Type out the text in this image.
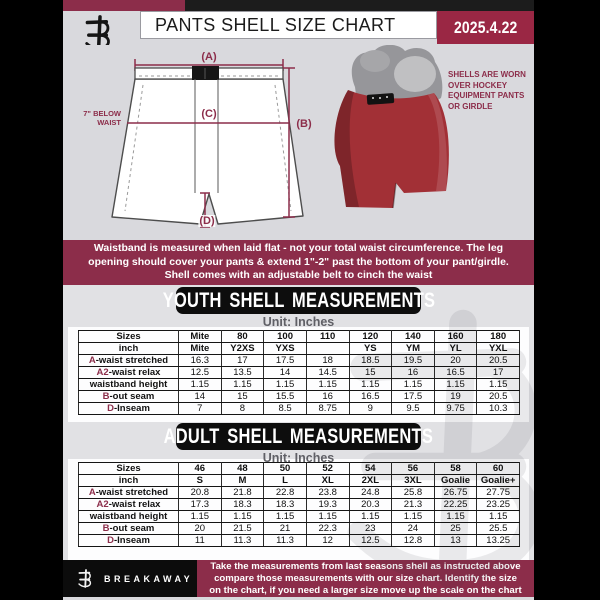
PANTS SHELL SIZE CHART	2025.4.22
(A)
(C)
(B)
(D)
7" BELOW
WAIST
SHELLS ARE WORN
OVER HOCKEY
EQUIPMENT PANTS
OR GIRDLE
Waistband is measured when laid flat - not your total waist circumference. The leg
opening should cover your pants & extend 1"-2" past the bottom of your pant/girdle.
Shell comes with an adjustable belt to cinch the waist
YOUTH SHELL MEASUREMENTS
Unit: Inches
Sizes	Mite	80	100	110	120	140	160	180
inch	Mite	Y2XS	YXS		YS	YM	YL	YXL
A-waist stretched	16.3	17	17.5	18	18.5	19.5	20	20.5
A2-waist relax	12.5	13.5	14	14.5	15	16	16.5	17
waistband height	1.15	1.15	1.15	1.15	1.15	1.15	1.15	1.15
B-out seam	14	15	15.5	16	16.5	17.5	19	20.5
D-Inseam	7	8	8.5	8.75	9	9.5	9.75	10.3
ADULT SHELL MEASUREMENTS
Unit: Inches
Sizes	46	48	50	52	54	56	58	60
inch	S	M	L	XL	2XL	3XL	Goalie	Goalie+
A-waist stretched	20.8	21.8	22.8	23.8	24.8	25.8	26.75	27.75
A2-waist relax	17.3	18.3	18.3	19.3	20.3	21.3	22.25	23.25
waistband height	1.15	1.15	1.15	1.15	1.15	1.15	1.15	1.15
B-out seam	20	21.5	21	22.3	23	24	25	25.5
D-Inseam	11	11.3	11.3	12	12.5	12.8	13	13.25
BREAKAWAY
Take the measurements from last seasons shell as instructed above
compare those measurements with our size chart. Identify the size
on the chart, if you need a larger size move up the scale on the chart
